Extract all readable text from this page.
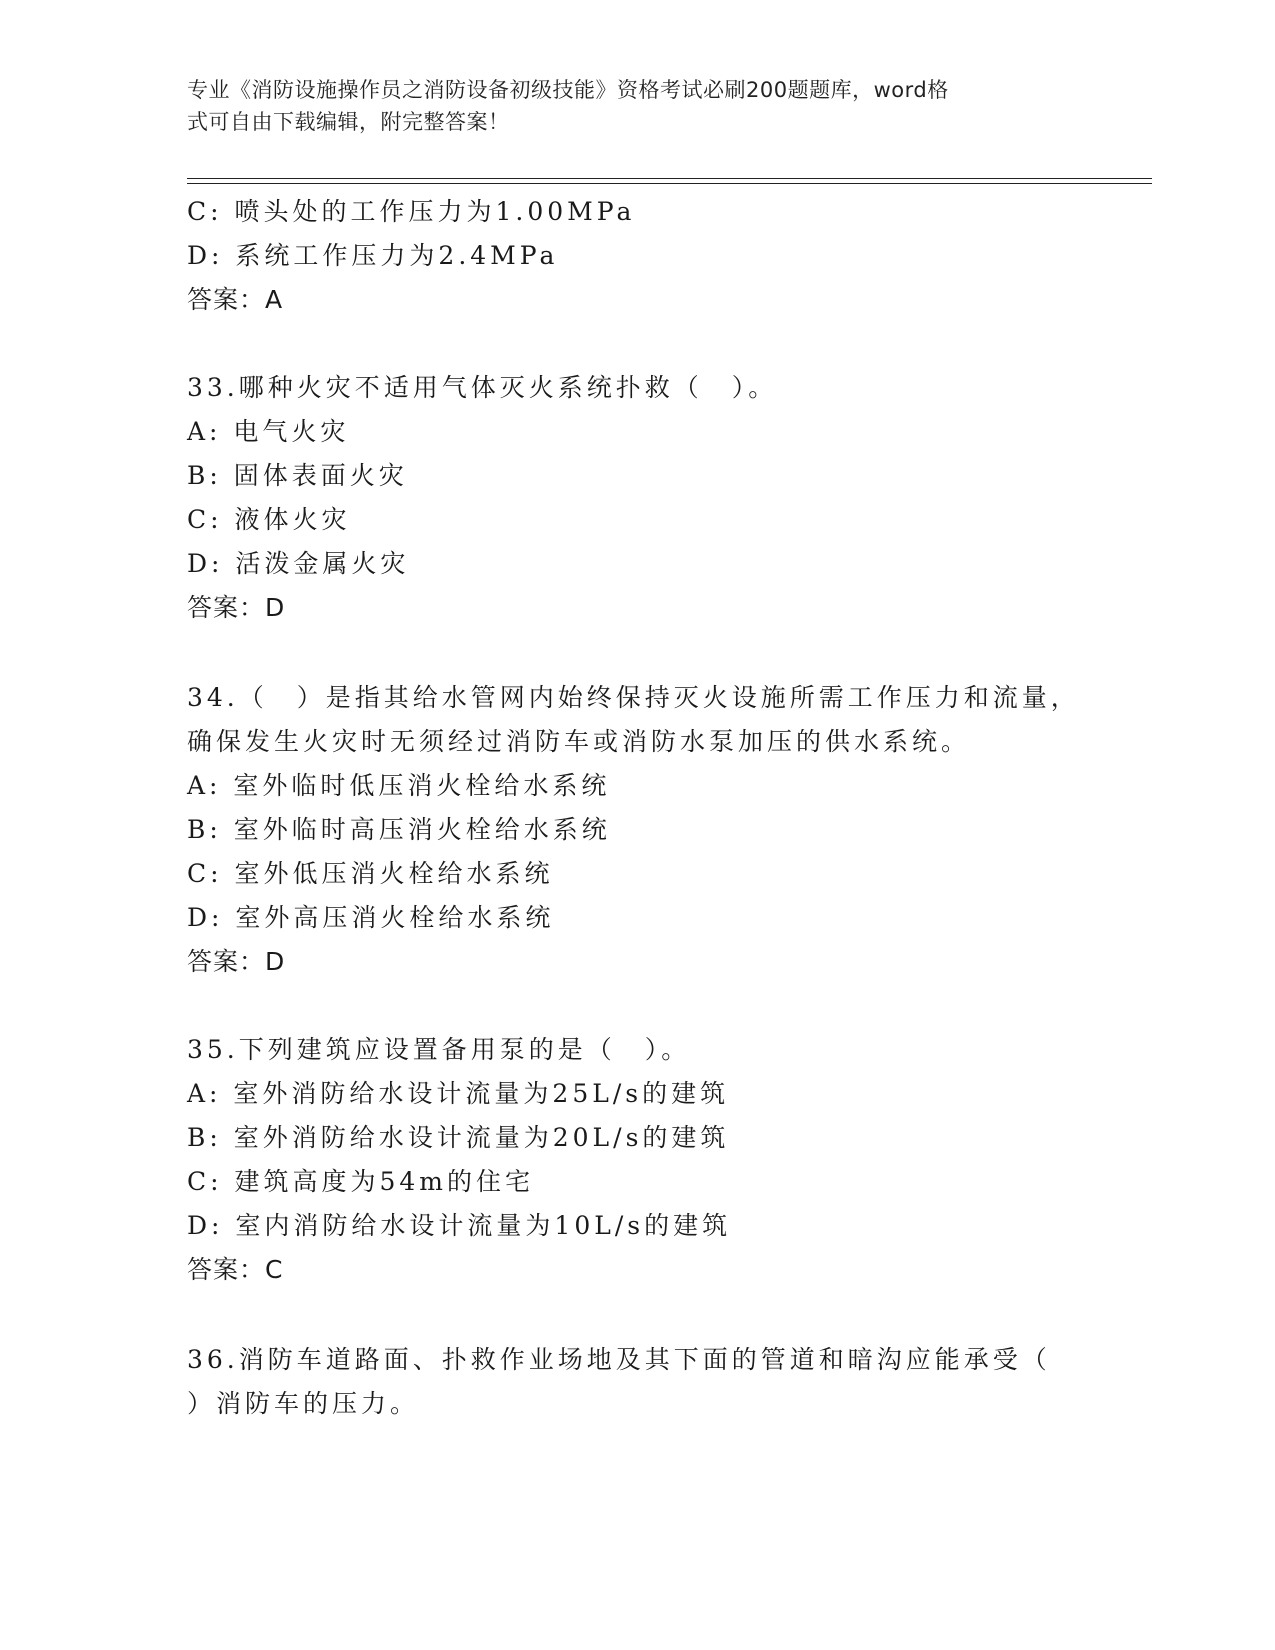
专业《消防设施操作员之消防设备初级技能》资格考试必刷200题题库，word格
式可自由下载编辑，附完整答案！
C: 喷头处的工作压力为1.00MPa
D: 系统工作压力为2.4MPa
答案：A
33.哪种火灾不适用气体灭火系统扑救（　）。
A: 电气火灾
B: 固体表面火灾
C: 液体火灾
D: 活泼金属火灾
答案：D
34.（　）是指其给水管网内始终保持灭火设施所需工作压力和流量，
确保发生火灾时无须经过消防车或消防水泵加压的供水系统。
A: 室外临时低压消火栓给水系统
B: 室外临时高压消火栓给水系统
C: 室外低压消火栓给水系统
D: 室外高压消火栓给水系统
答案：D
35.下列建筑应设置备用泵的是（　）。
A: 室外消防给水设计流量为25L/s的建筑
B: 室外消防给水设计流量为20L/s的建筑
C: 建筑高度为54m的住宅
D: 室内消防给水设计流量为10L/s的建筑
答案：C
36.消防车道路面、扑救作业场地及其下面的管道和暗沟应能承受（
）消防车的压力。
